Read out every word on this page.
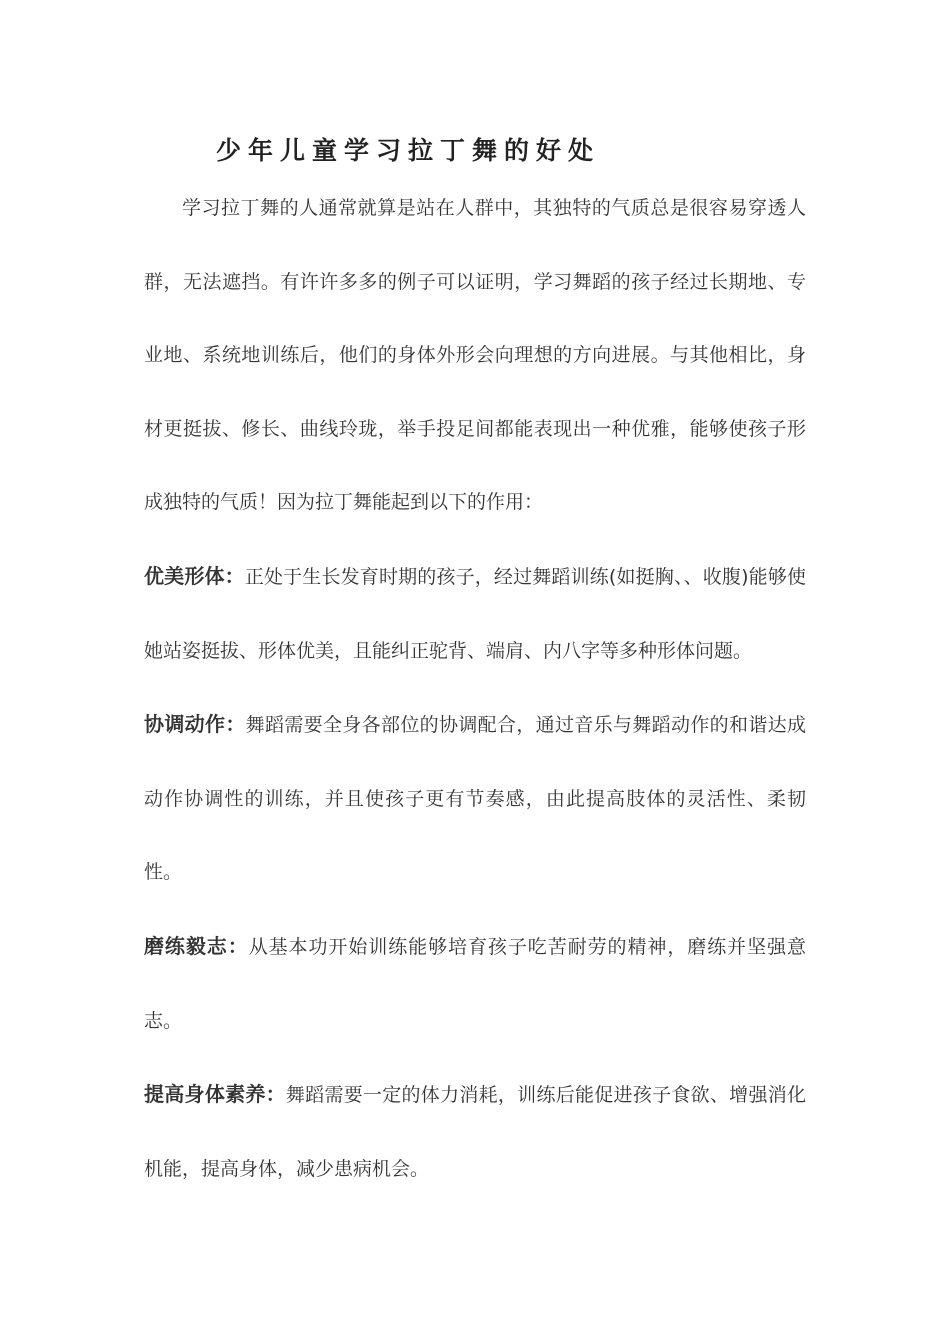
少年儿童学习拉丁舞的好处

学习拉丁舞的人通常就算是站在人群中，其独特的气质总是很容易穿透人群，无法遮挡。有许许多多的例子可以证明，学习舞蹈的孩子经过长期地、专业地、系统地训练后，他们的身体外形会向理想的方向进展。与其他相比，身材更挺拔、修长、曲线玲珑，举手投足间都能表现出一种优雅，能够使孩子形成独特的气质！因为拉丁舞能起到以下的作用：

优美形体：正处于生长发育时期的孩子，经过舞蹈训练(如挺胸、、收腹)能够使她站姿挺拔、形体优美，且能纠正驼背、端肩、内八字等多种形体问题。

协调动作：舞蹈需要全身各部位的协调配合，通过音乐与舞蹈动作的和谐达成动作协调性的训练，并且使孩子更有节奏感，由此提高肢体的灵活性、柔韧性。

磨练毅志：从基本功开始训练能够培育孩子吃苦耐劳的精神，磨练并坚强意志。

提高身体素养：舞蹈需要一定的体力消耗，训练后能促进孩子食欲、增强消化机能，提高身体，减少患病机会。
